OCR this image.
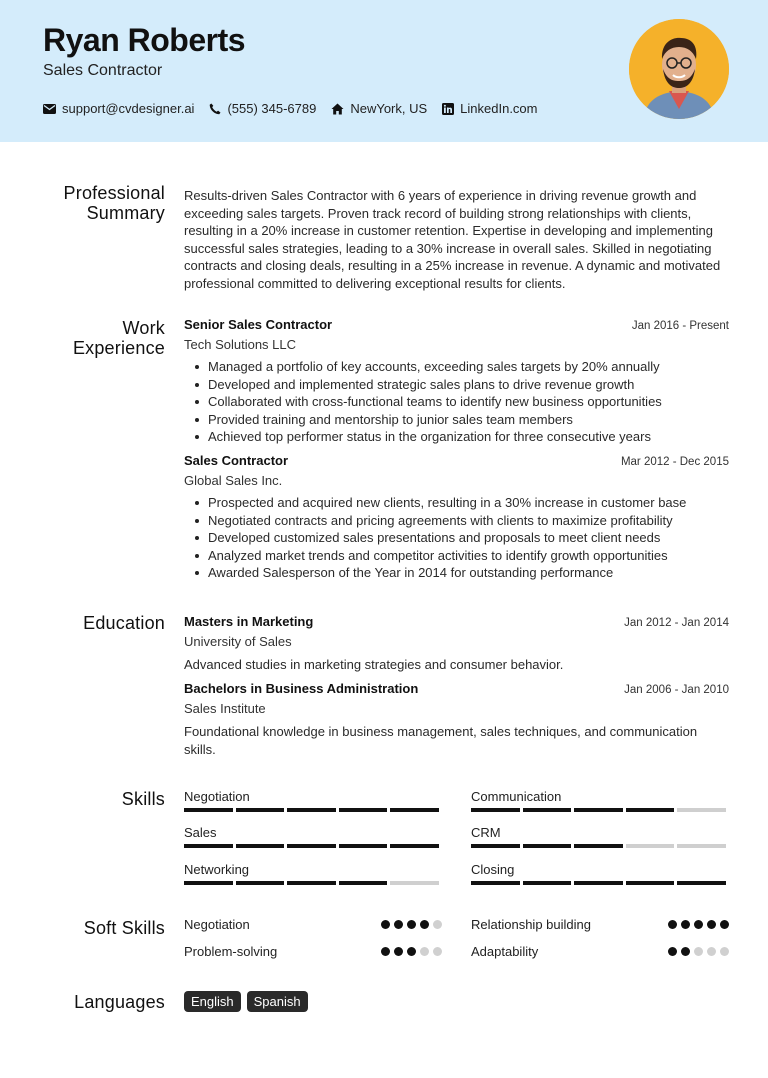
Ryan Roberts
Sales Contractor
support@cvdesigner.ai	(555) 345-6789	NewYork, US	LinkedIn.com
Professional
Summary
Results-driven Sales Contractor with 6 years of experience in driving revenue growth and exceeding sales targets. Proven track record of building strong relationships with clients, resulting in a 20% increase in customer retention. Expertise in developing and implementing successful sales strategies, leading to a 30% increase in overall sales. Skilled in negotiating contracts and closing deals, resulting in a 25% increase in revenue. A dynamic and motivated professional committed to delivering exceptional results for clients.
Work
Experience
Senior Sales Contractor	Jan 2016 - Present
Tech Solutions LLC
Managed a portfolio of key accounts, exceeding sales targets by 20% annually
Developed and implemented strategic sales plans to drive revenue growth
Collaborated with cross-functional teams to identify new business opportunities
Provided training and mentorship to junior sales team members
Achieved top performer status in the organization for three consecutive years
Sales Contractor	Mar 2012 - Dec 2015
Global Sales Inc.
Prospected and acquired new clients, resulting in a 30% increase in customer base
Negotiated contracts and pricing agreements with clients to maximize profitability
Developed customized sales presentations and proposals to meet client needs
Analyzed market trends and competitor activities to identify growth opportunities
Awarded Salesperson of the Year in 2014 for outstanding performance
Education Masters in Marketing	Jan 2012 - Jan 2014
University of Sales
Advanced studies in marketing strategies and consumer behavior.
Bachelors in Business Administration	Jan 2006 - Jan 2010
Sales Institute
Foundational knowledge in business management, sales techniques, and communication skills.
Skills Negotiation	Communication
Sales	CRM
Networking	Closing
Soft Skills Negotiation	Relationship building
Problem-solving	Adaptability
Languages	English	Spanish
